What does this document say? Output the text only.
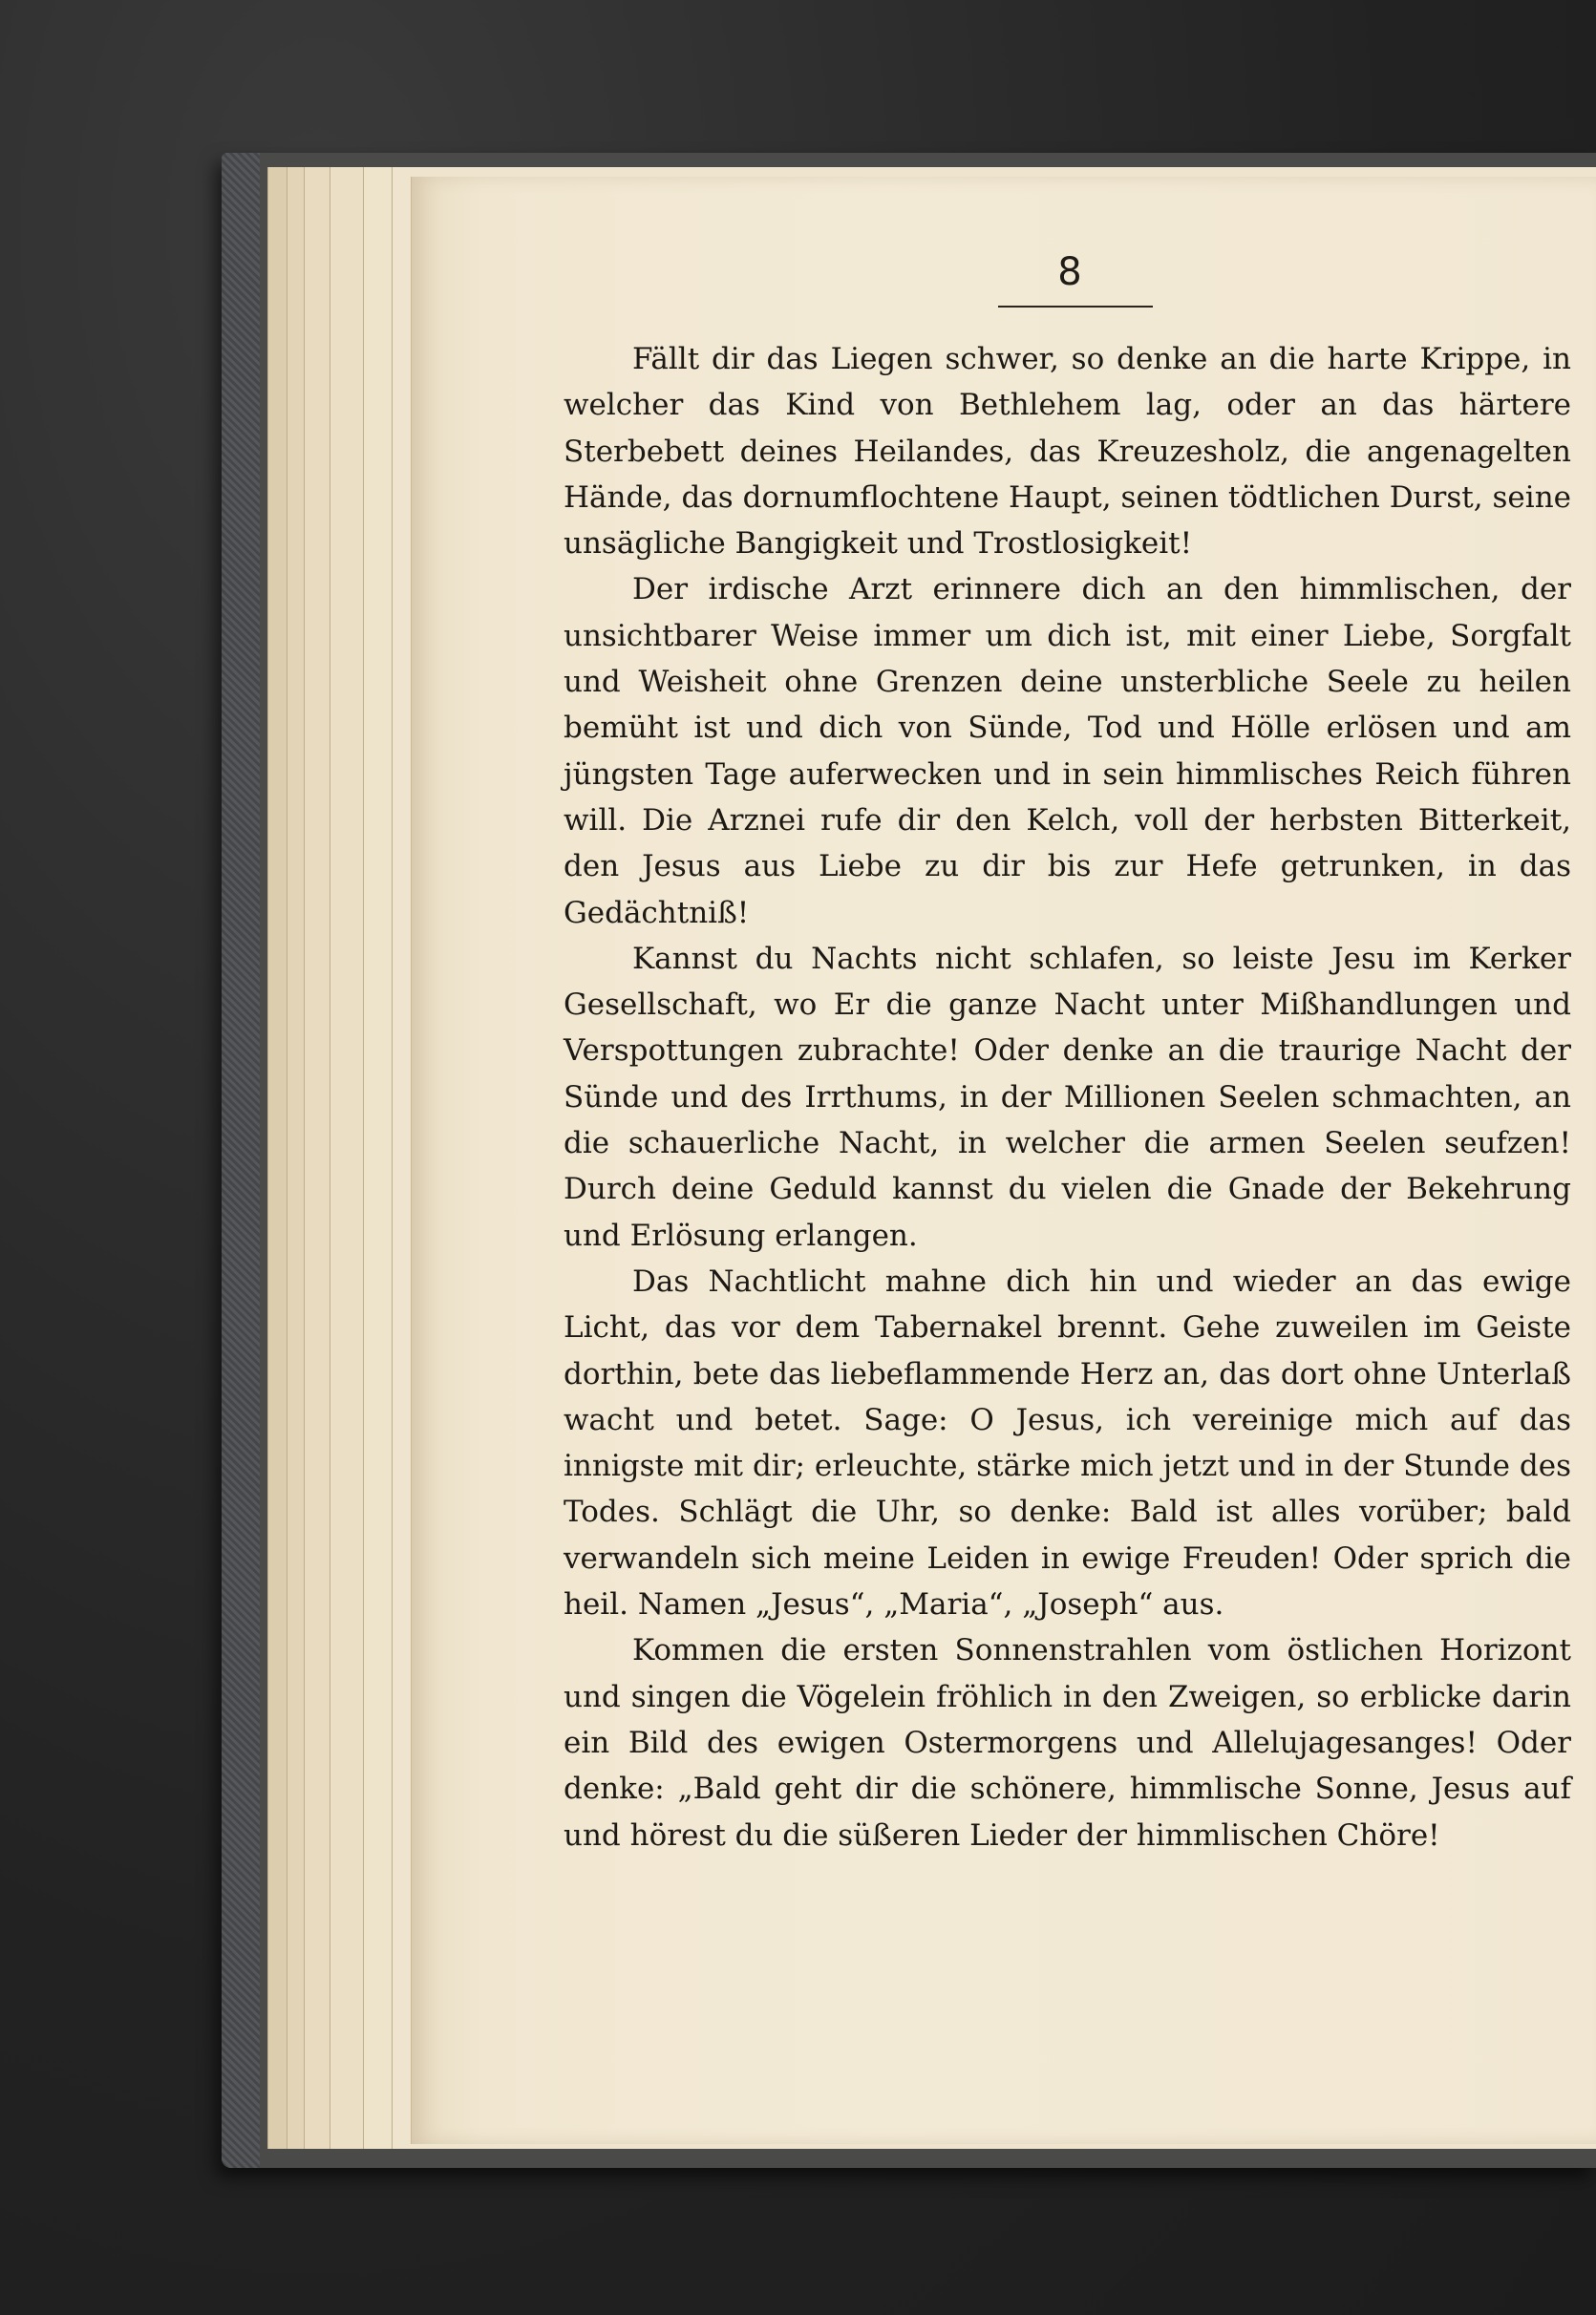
8

Fällt dir das Liegen schwer, so denke an die harte Krippe, in welcher das Kind von Bethlehem lag, oder an das härtere Sterbebett deines Heilandes, das Kreuzesholz, die angenagelten Hände, das dornumflochtene Haupt, seinen tödtlichen Durst, seine unsägliche Bangigkeit und Trostlosigkeit!

Der irdische Arzt erinnere dich an den himmlischen, der unsichtbarer Weise immer um dich ist, mit einer Liebe, Sorgfalt und Weisheit ohne Grenzen deine unsterbliche Seele zu heilen bemüht ist und dich von Sünde, Tod und Hölle erlösen und am jüngsten Tage auferwecken und in sein himmlisches Reich führen will. Die Arznei rufe dir den Kelch, voll der herbsten Bitterkeit, den Jesus aus Liebe zu dir bis zur Hefe getrunken, in das Gedächtniß!

Kannst du Nachts nicht schlafen, so leiste Jesu im Kerker Gesellschaft, wo Er die ganze Nacht unter Mißhandlungen und Verspottungen zubrachte! Oder denke an die traurige Nacht der Sünde und des Irrthums, in der Millionen Seelen schmachten, an die schauerliche Nacht, in welcher die armen Seelen seufzen! Durch deine Geduld kannst du vielen die Gnade der Bekehrung und Erlösung erlangen.

Das Nachtlicht mahne dich hin und wieder an das ewige Licht, das vor dem Tabernakel brennt. Gehe zuweilen im Geiste dorthin, bete das liebeflammende Herz an, das dort ohne Unterlaß wacht und betet. Sage: O Jesus, ich vereinige mich auf das innigste mit dir; erleuchte, stärke mich jetzt und in der Stunde des Todes. Schlägt die Uhr, so denke: Bald ist alles vorüber; bald verwandeln sich meine Leiden in ewige Freuden! Oder sprich die heil. Namen „Jesus“, „Maria“, „Joseph“ aus.

Kommen die ersten Sonnenstrahlen vom östlichen Horizont und singen die Vögelein fröhlich in den Zweigen, so erblicke darin ein Bild des ewigen Ostermorgens und Allelujagesanges! Oder denke: „Bald geht dir die schönere, himmlische Sonne, Jesus auf und hörest du die süßeren Lieder der himmlischen Chöre!
